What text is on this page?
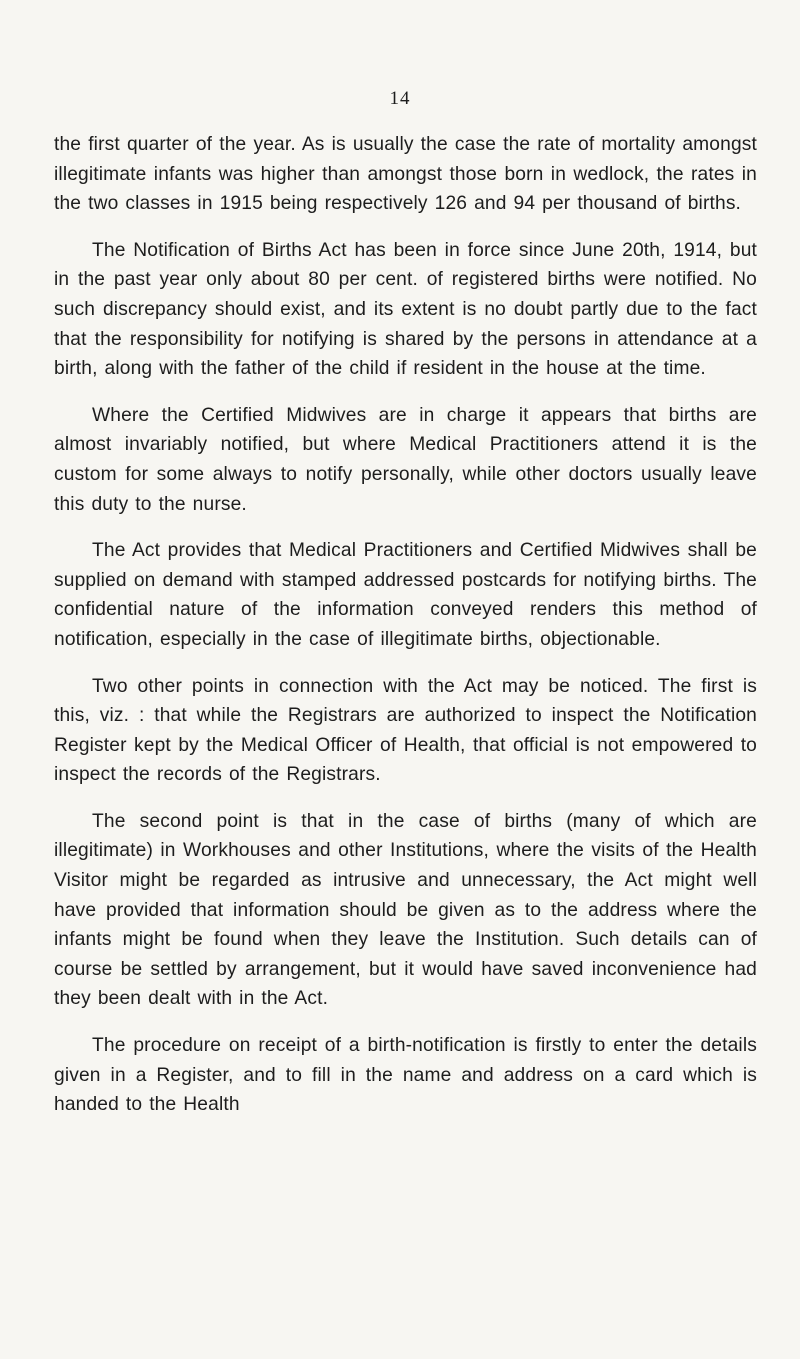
14

the first quarter of the year. As is usually the case the rate of mortality amongst illegitimate infants was higher than amongst those born in wedlock, the rates in the two classes in 1915 being respectively 126 and 94 per thousand of births.

The Notification of Births Act has been in force since June 20th, 1914, but in the past year only about 80 per cent. of registered births were notified. No such discrepancy should exist, and its extent is no doubt partly due to the fact that the responsibility for notifying is shared by the persons in attendance at a birth, along with the father of the child if resident in the house at the time.

Where the Certified Midwives are in charge it appears that births are almost invariably notified, but where Medical Practitioners attend it is the custom for some always to notify personally, while other doctors usually leave this duty to the nurse.

The Act provides that Medical Practitioners and Certified Midwives shall be supplied on demand with stamped addressed postcards for notifying births. The confidential nature of the information conveyed renders this method of notification, especially in the case of illegitimate births, objectionable.

Two other points in connection with the Act may be noticed. The first is this, viz. : that while the Registrars are authorized to inspect the Notification Register kept by the Medical Officer of Health, that official is not empowered to inspect the records of the Registrars.

The second point is that in the case of births (many of which are illegitimate) in Workhouses and other Institutions, where the visits of the Health Visitor might be regarded as intrusive and unnecessary, the Act might well have provided that information should be given as to the address where the infants might be found when they leave the Institution. Such details can of course be settled by arrangement, but it would have saved inconvenience had they been dealt with in the Act.

The procedure on receipt of a birth-notification is firstly to enter the details given in a Register, and to fill in the name and address on a card which is handed to the Health
